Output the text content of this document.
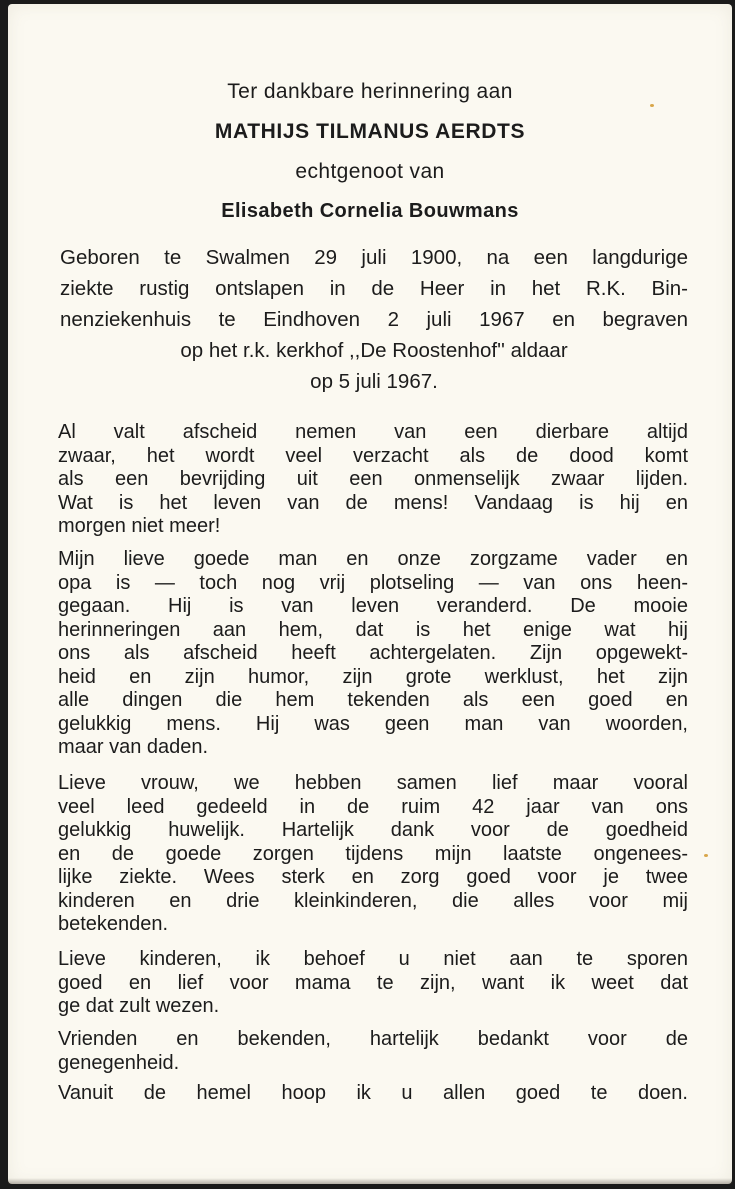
Ter dankbare herinnering aan
MATHIJS TILMANUS AERDTS
echtgenoot van
Elisabeth Cornelia Bouwmans
Geboren te Swalmen 29 juli 1900, na een langdurige
ziekte rustig ontslapen in de Heer in het R.K. Bin-
nenziekenhuis te Eindhoven 2 juli 1967 en begraven
op het r.k. kerkhof ,,De Roostenhof'' aldaar
op 5 juli 1967.
Al valt afscheid nemen van een dierbare altijd
zwaar, het wordt veel verzacht als de dood komt
als een bevrijding uit een onmenselijk zwaar lijden.
Wat is het leven van de mens! Vandaag is hij en
morgen niet meer!
Mijn lieve goede man en onze zorgzame vader en
opa is — toch nog vrij plotseling — van ons heen-
gegaan. Hij is van leven veranderd. De mooie
herinneringen aan hem, dat is het enige wat hij
ons als afscheid heeft achtergelaten. Zijn opgewekt-
heid en zijn humor, zijn grote werklust, het zijn
alle dingen die hem tekenden als een goed en
gelukkig mens. Hij was geen man van woorden,
maar van daden.
Lieve vrouw, we hebben samen lief maar vooral
veel leed gedeeld in de ruim 42 jaar van ons
gelukkig huwelijk. Hartelijk dank voor de goedheid
en de goede zorgen tijdens mijn laatste ongenees-
lijke ziekte. Wees sterk en zorg goed voor je twee
kinderen en drie kleinkinderen, die alles voor mij
betekenden.
Lieve kinderen, ik behoef u niet aan te sporen
goed en lief voor mama te zijn, want ik weet dat
ge dat zult wezen.
Vrienden en bekenden, hartelijk bedankt voor de
genegenheid.
Vanuit de hemel hoop ik u allen goed te doen.
